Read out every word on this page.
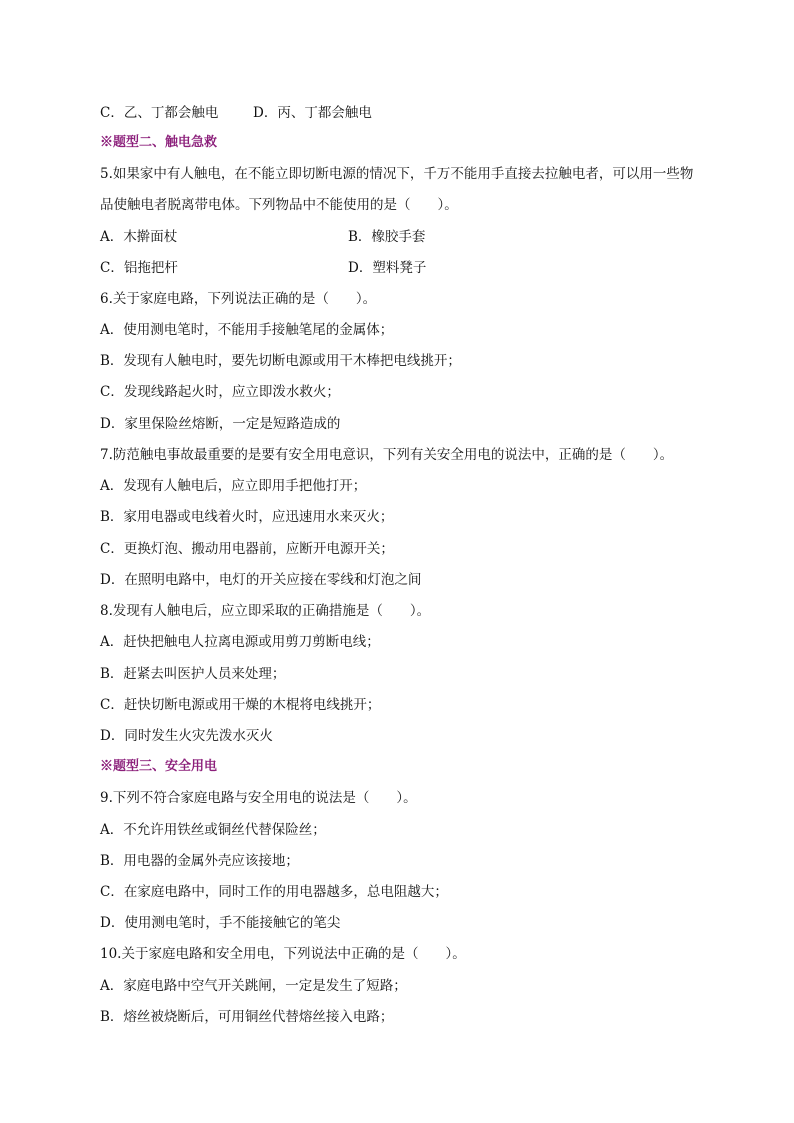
C．乙、丁都会触电	D．丙、丁都会触电
※题型二、触电急救
5.如果家中有人触电，在不能立即切断电源的情况下，千万不能用手直接去拉触电者，可以用一些物
品使触电者脱离带电体。下列物品中不能使用的是（　　）。
A．木擀面杖	B．橡胶手套
C．铝拖把杆	D．塑料凳子
6.关于家庭电路，下列说法正确的是（　　）。
A．使用测电笔时，不能用手接触笔尾的金属体；
B．发现有人触电时，要先切断电源或用干木棒把电线挑开；
C．发现线路起火时，应立即泼水救火；
D．家里保险丝熔断，一定是短路造成的
7.防范触电事故最重要的是要有安全用电意识，下列有关安全用电的说法中，正确的是（　　）。
A．发现有人触电后，应立即用手把他打开；
B．家用电器或电线着火时，应迅速用水来灭火；
C．更换灯泡、搬动用电器前，应断开电源开关；
D．在照明电路中，电灯的开关应接在零线和灯泡之间
8.发现有人触电后，应立即采取的正确措施是（　　）。
A．赶快把触电人拉离电源或用剪刀剪断电线；
B．赶紧去叫医护人员来处理；
C．赶快切断电源或用干燥的木棍将电线挑开；
D．同时发生火灾先泼水灭火
※题型三、安全用电
9.下列不符合家庭电路与安全用电的说法是（　　）。
A．不允许用铁丝或铜丝代替保险丝；
B．用电器的金属外壳应该接地；
C．在家庭电路中，同时工作的用电器越多，总电阻越大；
D．使用测电笔时，手不能接触它的笔尖
10.关于家庭电路和安全用电，下列说法中正确的是（　　）。
A．家庭电路中空气开关跳闸，一定是发生了短路；
B．熔丝被烧断后，可用铜丝代替熔丝接入电路；
